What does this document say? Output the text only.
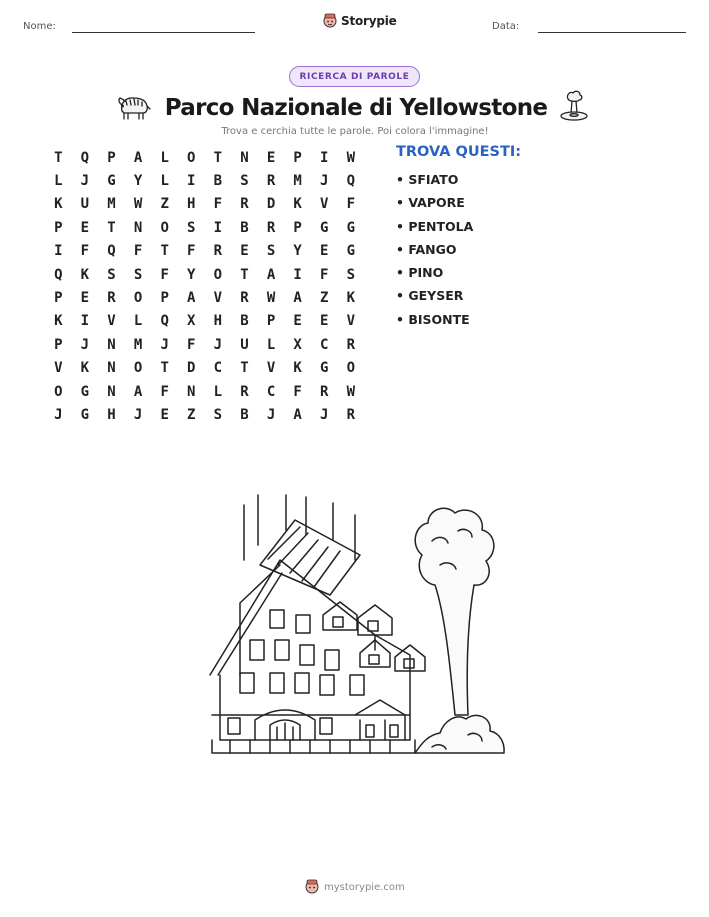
Nome:	Storypie	Data:
RICERCA DI PAROLE
Parco Nazionale di Yellowstone
Trova e cerchia tutte le parole. Poi colora l'immagine!
T	Q	P	A	L	O	T	N	E	P	I	W
L	J	G	Y	L	I	B	S	R	M	J	Q
K	U	M	W	Z	H	F	R	D	K	V	F
P	E	T	N	O	S	I	B	R	P	G	G
I	F	Q	F	T	F	R	E	S	Y	E	G
Q	K	S	S	F	Y	O	T	A	I	F	S
P	E	R	O	P	A	V	R	W	A	Z	K
K	I	V	L	Q	X	H	B	P	E	E	V
P	J	N	M	J	F	J	U	L	X	C	R
V	K	N	O	T	D	C	T	V	K	G	O
O	G	N	A	F	N	L	R	C	F	R	W
J	G	H	J	E	Z	S	B	J	A	J	R
TROVA QUESTI:
• SFIATO
• VAPORE
• PENTOLA
• FANGO
• PINO
• GEYSER
• BISONTE
mystorypie.com
